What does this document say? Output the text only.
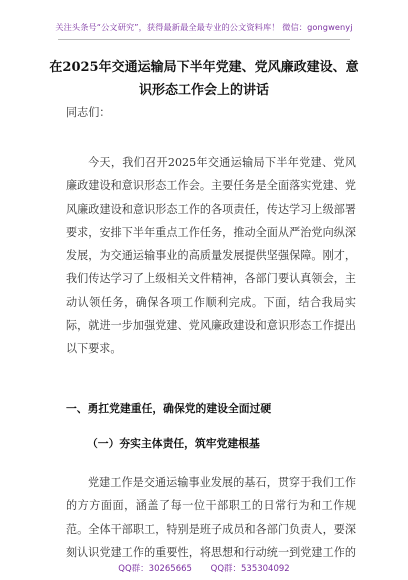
关注头条号“公文研究”，获得最新最全最专业的公文资料库！ 微信：gongwenyj
在2025年交通运输局下半年党建、党风廉政建设、意识形态工作会上的讲话
同志们：
今天，我们召开2025年交通运输局下半年党建、党风廉政建设和意识形态工作会。主要任务是全面落实党建、党风廉政建设和意识形态工作的各项责任，传达学习上级部署要求，安排下半年重点工作任务，推动全面从严治党向纵深发展，为交通运输事业的高质量发展提供坚强保障。刚才，我们传达学习了上级相关文件精神，各部门要认真领会，主动认领任务，确保各项工作顺利完成。下面，结合我局实际，就进一步加强党建、党风廉政建设和意识形态工作提出以下要求。
一、勇扛党建重任，确保党的建设全面过硬
（一）夯实主体责任，筑牢党建根基
党建工作是交通运输事业发展的基石，贯穿于我们工作的方方面面，涵盖了每一位干部职工的日常行为和工作规范。全体干部职工，特别是班子成员和各部门负责人，要深刻认识党建工作的重要性，将思想和行动统一到党建工作的
QQ群：30265665 QQ群：535304092
